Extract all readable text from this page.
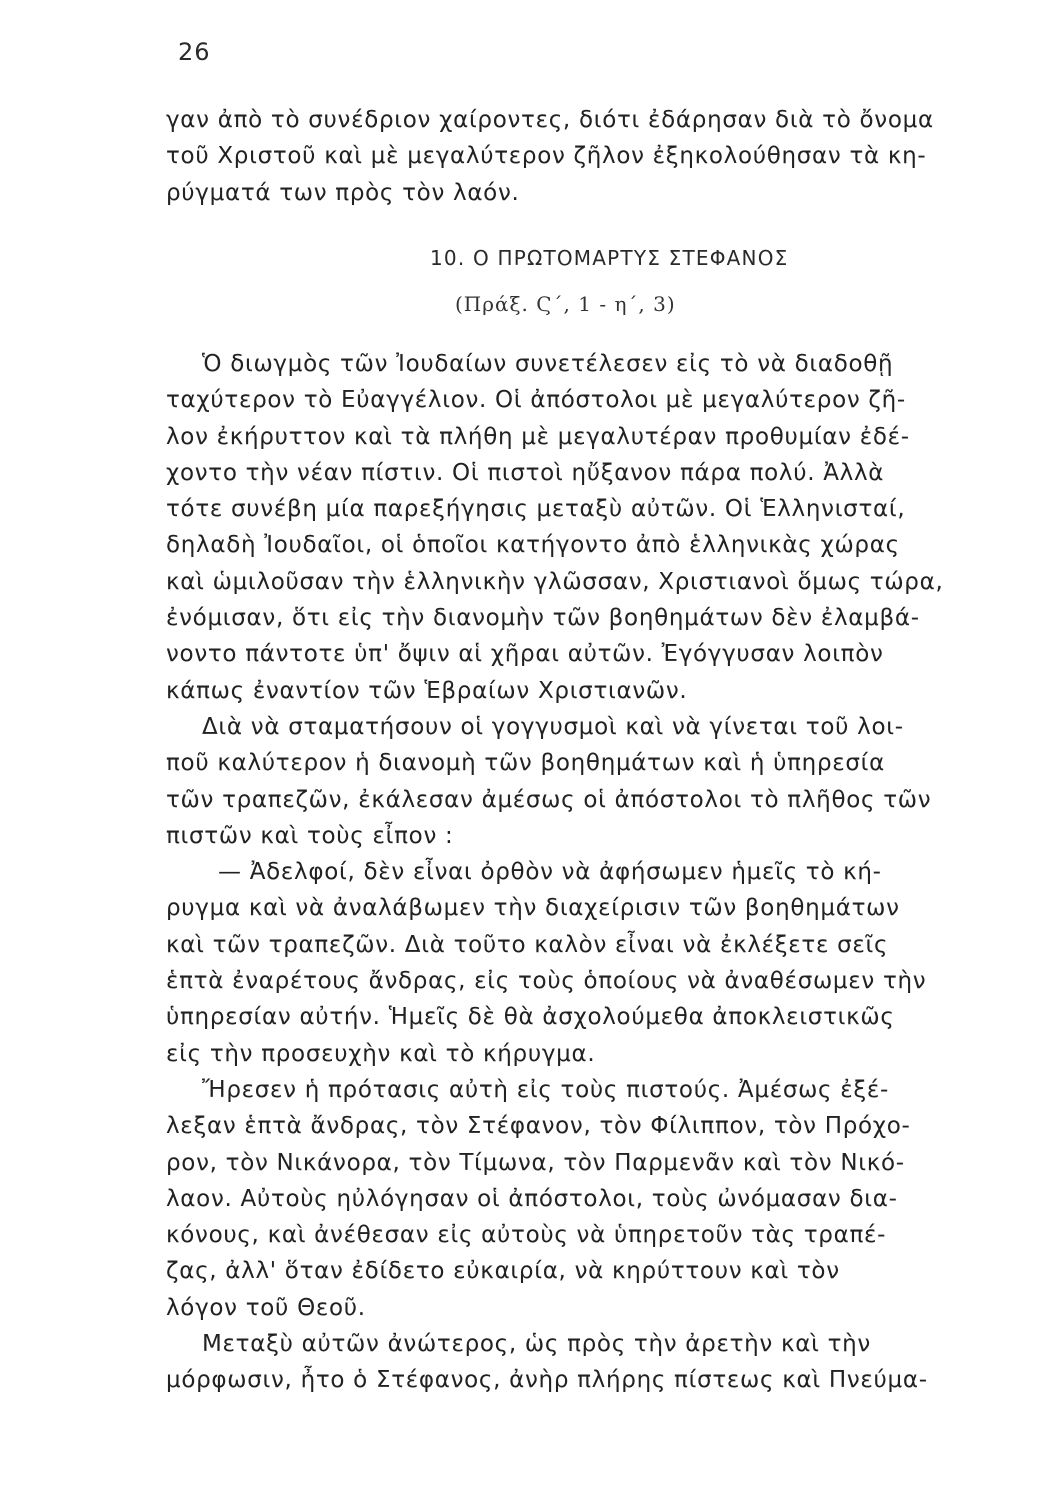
26
γαν ἀπὸ τὸ συνέδριον χαίροντες, διότι ἐδάρησαν διὰ τὸ ὄνομα
τοῦ Χριστοῦ καὶ μὲ μεγαλύτερον ζῆλον ἐξηκολούθησαν τὰ κη-
ρύγματά των πρὸς τὸν λαόν.
10. Ο ΠΡΩΤΟΜΑΡΤΥΣ ΣΤΕΦΑΝΟΣ
(Πράξ. Ϛ΄, 1 - η΄, 3)
Ὁ διωγμὸς τῶν Ἰουδαίων συνετέλεσεν εἰς τὸ νὰ διαδοθῇ
ταχύτερον τὸ Εὐαγγέλιον. Οἱ ἀπόστολοι μὲ μεγαλύτερον ζῆ-
λον ἐκήρυττον καὶ τὰ πλήθη μὲ μεγαλυτέραν προθυμίαν ἐδέ-
χοντο τὴν νέαν πίστιν. Οἱ πιστοὶ ηὔξανον πάρα πολύ. Ἀλλὰ
τότε συνέβη μία παρεξήγησις μεταξὺ αὐτῶν. Οἱ Ἑλληνισταί,
δηλαδὴ Ἰουδαῖοι, οἱ ὁποῖοι κατήγοντο ἀπὸ ἑλληνικὰς χώρας
καὶ ὡμιλοῦσαν τὴν ἑλληνικὴν γλῶσσαν, Χριστιανοὶ ὅμως τώρα,
ἐνόμισαν, ὅτι εἰς τὴν διανομὴν τῶν βοηθημάτων δὲν ἐλαμβά-
νοντο πάντοτε ὑπ' ὄψιν αἱ χῆραι αὐτῶν. Ἐγόγγυσαν λοιπὸν
κάπως ἐναντίον τῶν Ἑβραίων Χριστιανῶν.
Διὰ νὰ σταματήσουν οἱ γογγυσμοὶ καὶ νὰ γίνεται τοῦ λοι-
ποῦ καλύτερον ἡ διανομὴ τῶν βοηθημάτων καὶ ἡ ὑπηρεσία
τῶν τραπεζῶν, ἐκάλεσαν ἀμέσως οἱ ἀπόστολοι τὸ πλῆθος τῶν
πιστῶν καὶ τοὺς εἶπον :
— Ἀδελφοί, δὲν εἶναι ὀρθὸν νὰ ἀφήσωμεν ἡμεῖς τὸ κή-
ρυγμα καὶ νὰ ἀναλάβωμεν τὴν διαχείρισιν τῶν βοηθημάτων
καὶ τῶν τραπεζῶν. Διὰ τοῦτο καλὸν εἶναι νὰ ἐκλέξετε σεῖς
ἑπτὰ ἐναρέτους ἄνδρας, εἰς τοὺς ὁποίους νὰ ἀναθέσωμεν τὴν
ὑπηρεσίαν αὐτήν. Ἡμεῖς δὲ θὰ ἀσχολούμεθα ἀποκλειστικῶς
εἰς τὴν προσευχὴν καὶ τὸ κήρυγμα.
Ἤρεσεν ἡ πρότασις αὐτὴ εἰς τοὺς πιστούς. Ἀμέσως ἐξέ-
λεξαν ἑπτὰ ἄνδρας, τὸν Στέφανον, τὸν Φίλιππον, τὸν Πρόχο-
ρον, τὸν Νικάνορα, τὸν Τίμωνα, τὸν Παρμενᾶν καὶ τὸν Νικό-
λαον. Αὐτοὺς ηὐλόγησαν οἱ ἀπόστολοι, τοὺς ὠνόμασαν δια-
κόνους, καὶ ἀνέθεσαν εἰς αὐτοὺς νὰ ὑπηρετοῦν τὰς τραπέ-
ζας, ἀλλ' ὅταν ἐδίδετο εὐκαιρία, νὰ κηρύττουν καὶ τὸν
λόγον τοῦ Θεοῦ.
Μεταξὺ αὐτῶν ἀνώτερος, ὡς πρὸς τὴν ἀρετὴν καὶ τὴν
μόρφωσιν, ἦτο ὁ Στέφανος, ἀνὴρ πλήρης πίστεως καὶ Πνεύμα-
